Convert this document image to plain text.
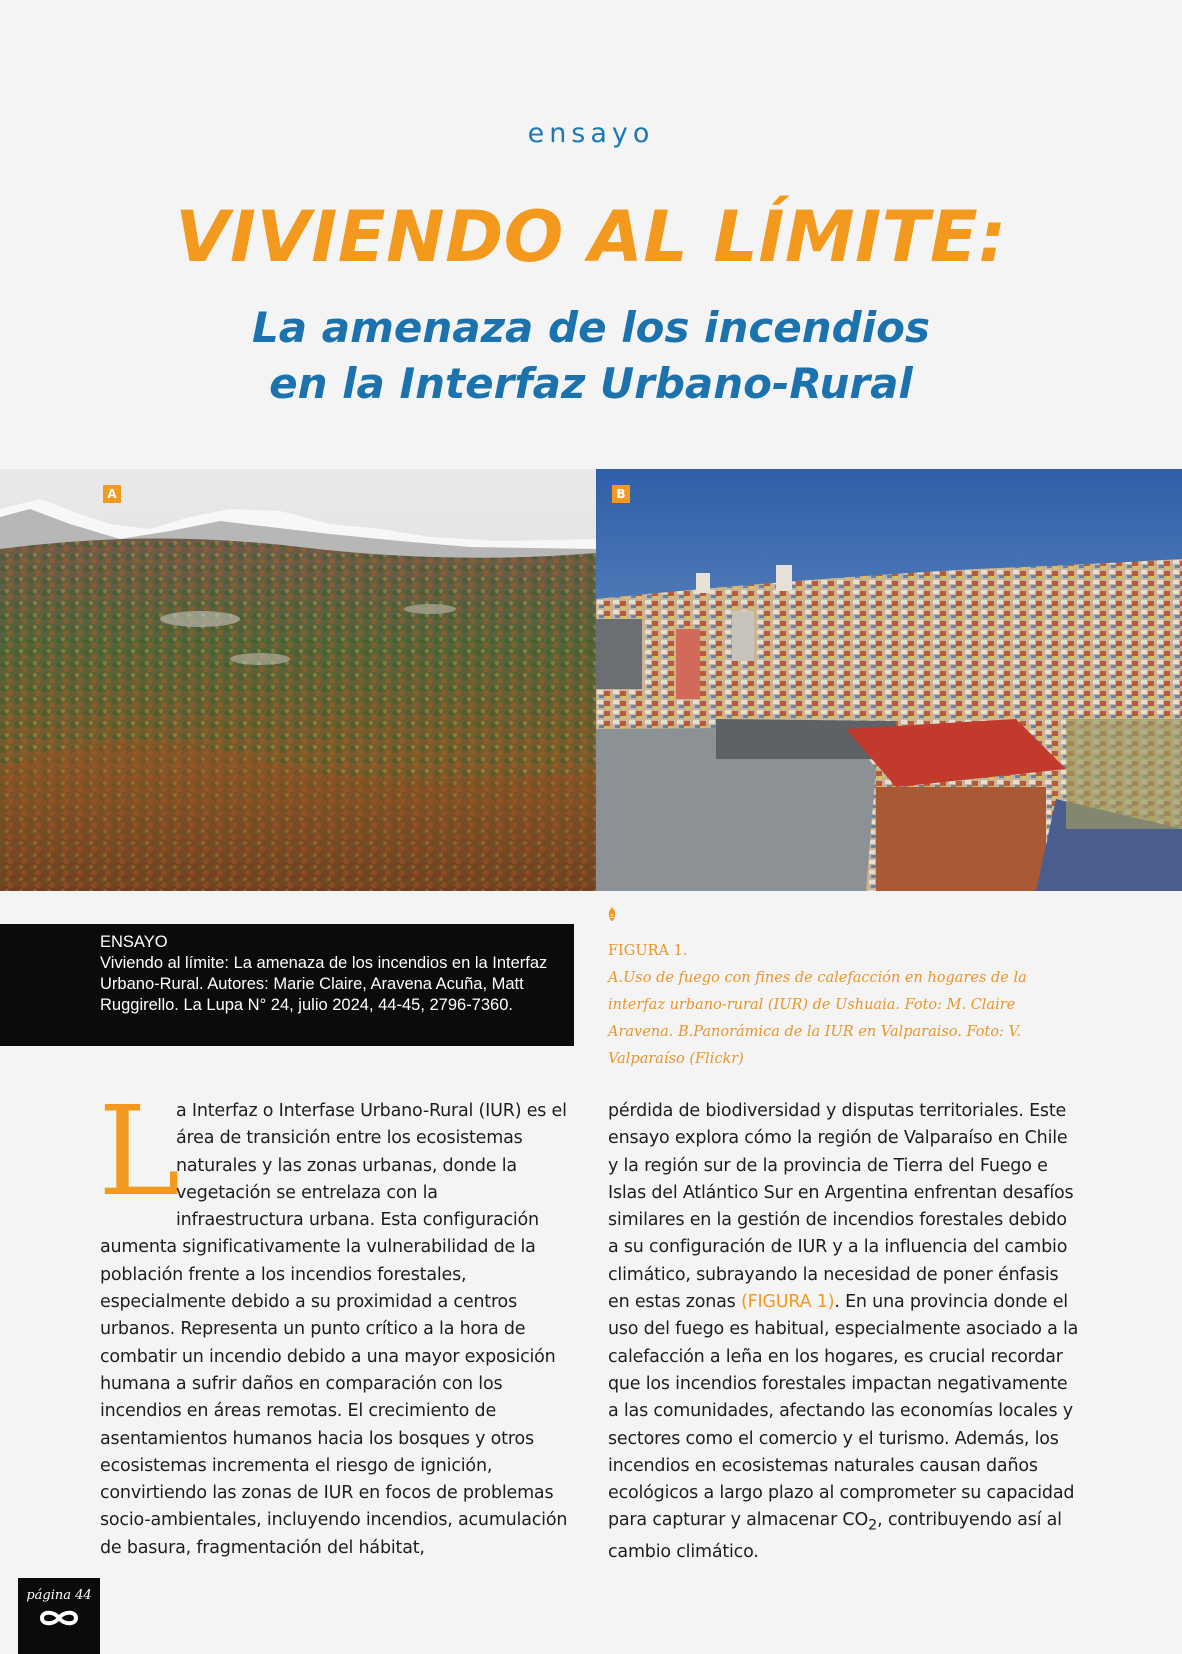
ensayo
VIVIENDO AL LÍMITE:
La amenaza de los incendios
en la Interfaz Urbano-Rural
A	B
ENSAYO
Viviendo al límite: La amenaza de los incendios en la Interfaz Urbano-Rural. Autores: Marie Claire, Aravena Acuña, Matt Ruggirello. La Lupa N° 24, julio 2024, 44-45, 2796-7360.
FIGURA 1.
A.Uso de fuego con fines de calefacción en hogares de la interfaz urbano-rural (IUR) de Ushuaia. Foto: M. Claire Aravena. B.Panorámica de la IUR en Valparaiso. Foto: V. Valparaíso (Flickr)
L

a Interfaz o Interfase Urbano-Rural (IUR) es el área de transición entre los ecosistemas naturales y las zonas urbanas, donde la vegetación se entrelaza con la infraestructura urbana. Esta configuración aumenta significativamente la vulnerabilidad de la población frente a los incendios forestales, especialmente debido a su proximidad a centros urbanos. Representa un punto crítico a la hora de combatir un incendio debido a una mayor exposición humana a sufrir daños en comparación con los incendios en áreas remotas. El crecimiento de asentamientos humanos hacia los bosques y otros ecosistemas incrementa el riesgo de ignición, convirtiendo las zonas de IUR en focos de problemas socio-ambientales, incluyendo incendios, acumulación de basura, fragmentación del hábitat,

pérdida de biodiversidad y disputas territoriales. Este ensayo explora cómo la región de Valparaíso en Chile y la región sur de la provincia de Tierra del Fuego e Islas del Atlántico Sur en Argentina enfrentan desafíos similares en la gestión de incendios forestales debido a su configuración de IUR y a la influencia del cambio climático, subrayando la necesidad de poner énfasis en estas zonas (FIGURA 1). En una provincia donde el uso del fuego es habitual, especialmente asociado a la calefacción a leña en los hogares, es crucial recordar que los incendios forestales impactan negativamente a las comunidades, afectando las economías locales y sectores como el comercio y el turismo. Además, los incendios en ecosistemas naturales causan daños ecológicos a largo plazo al comprometer su capacidad para capturar y almacenar $CO_2$, contribuyendo así al cambio climático.

página 44
